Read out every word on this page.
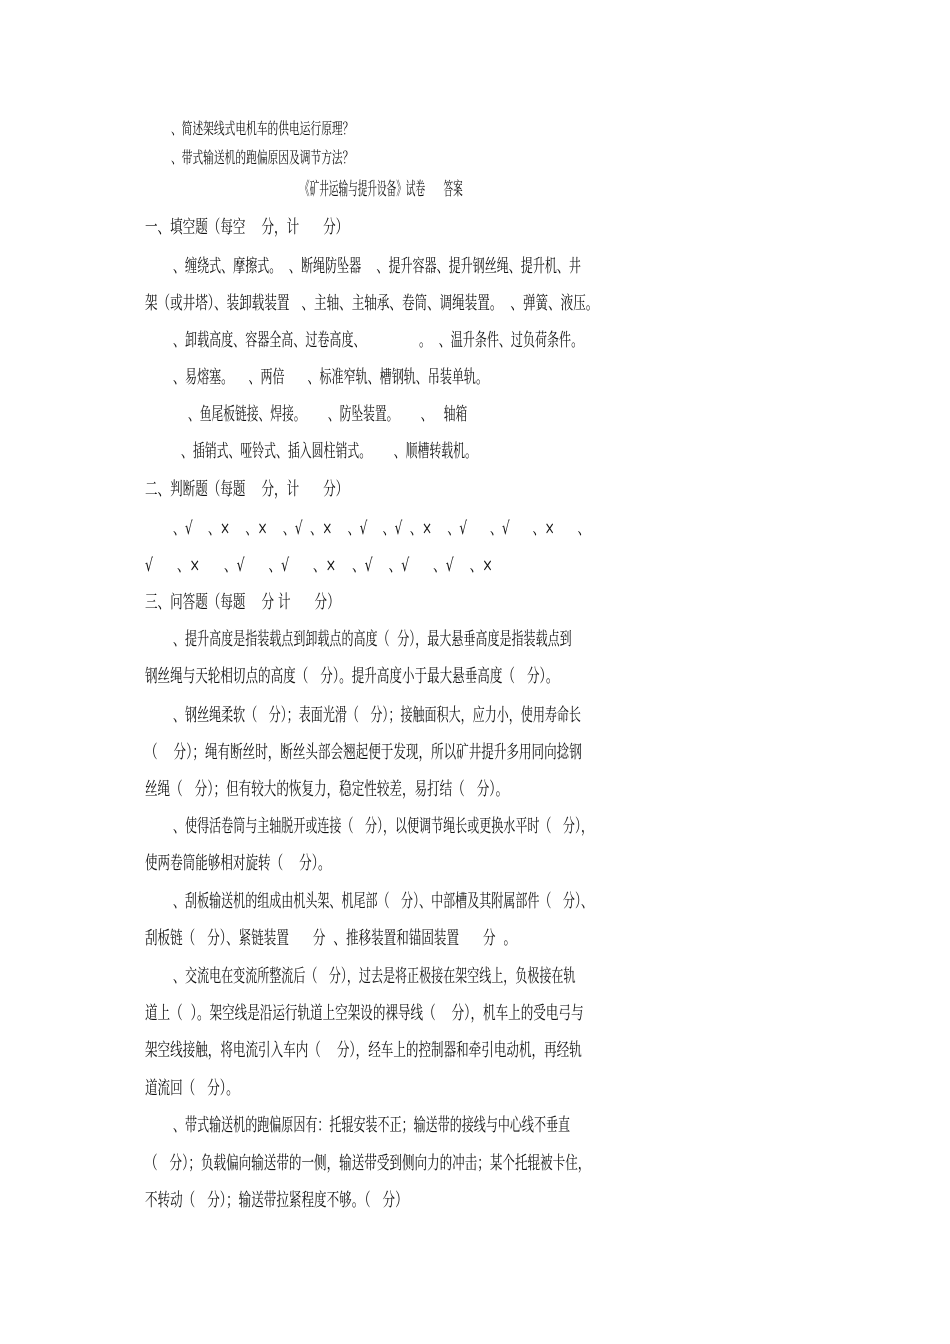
、简述架线式电机车的供电运行原理？
、带式输送机的跑偏原因及调节方法？
《矿井运输与提升设备》试卷      答案
一、填空题（每空    分，计      分）
、缠绕式、摩擦式。  、断绳防坠器    、提升容器、提升钢丝绳、提升机、井
架（或井塔）、装卸载装置   、主轴、主轴承、卷筒、调绳装置。  、弹簧、液压。
、卸载高度、容器全高、过卷高度、              。  、温升条件、过负荷条件。
、易熔塞。    、两倍      、标准窄轨、槽钢轨、吊装单轨。
、鱼尾板链接、焊接。      、防坠装置。      、   轴箱
、插销式、哑铃式、插入圆柱销式。      、顺槽转载机。
二、判断题（每题    分，计      分）
、√    、×    、×    、√  、×    、√    、√  、×    、√      、√      、×      、
√      、×      、√      、√      、×    、√    、√      、√    、×
三、问答题（每题    分 计      分）
、提升高度是指装载点到卸载点的高度（  分），最大悬垂高度是指装载点到
钢丝绳与天轮相切点的高度（   分）。提升高度小于最大悬垂高度（   分）。
、钢丝绳柔软（   分）；表面光滑（   分）；接触面积大，应力小，使用寿命长
（    分）；绳有断丝时，断丝头部会翘起便于发现，所以矿井提升多用同向捻钢
丝绳（   分）；但有较大的恢复力，稳定性较差，易打结（   分）。
、使得活卷筒与主轴脱开或连接（   分），以便调节绳长或更换水平时（   分），
使两卷筒能够相对旋转（    分）。
、刮板输送机的组成由机头架、机尾部（   分）、中部槽及其附属部件（   分）、
刮板链（   分）、紧链装置      分  、推移装置和锚固装置      分  。
、交流电在变流所整流后（   分），过去是将正极接在架空线上，负极接在轨
道上（  ）。架空线是沿运行轨道上空架设的裸导线（    分），机车上的受电弓与
架空线接触，将电流引入车内（    分），经车上的控制器和牵引电动机，再经轨
道流回（   分）。
、带式输送机的跑偏原因有：托辊安装不正；输送带的接线与中心线不垂直
（   分）；负载偏向输送带的一侧，输送带受到侧向力的冲击；某个托辊被卡住，
不转动（   分）；输送带拉紧程度不够。（   分）
